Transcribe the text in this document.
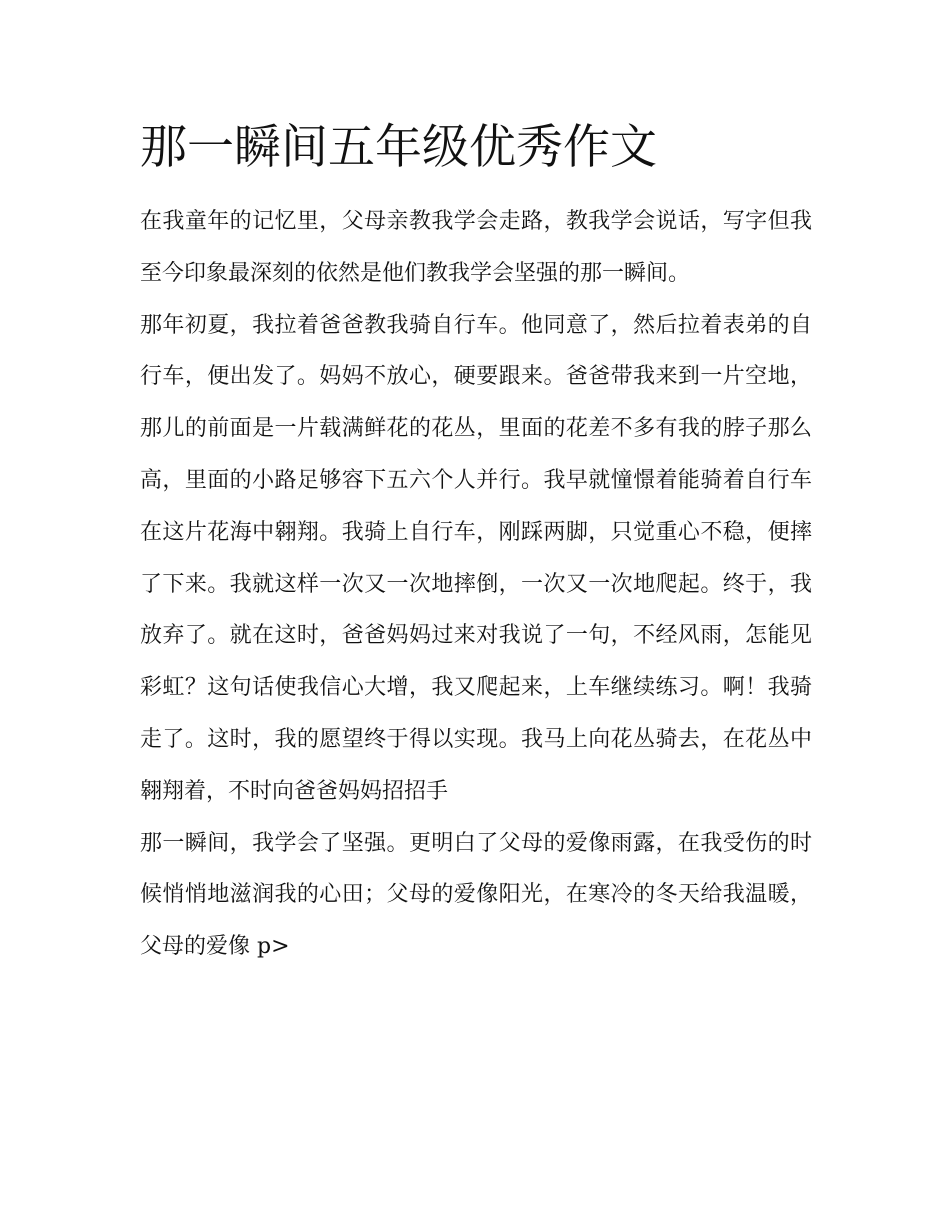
那一瞬间五年级优秀作文

在我童年的记忆里，父母亲教我学会走路，教我学会说话，写字但我至今印象最深刻的依然是他们教我学会坚强的那一瞬间。

那年初夏，我拉着爸爸教我骑自行车。他同意了，然后拉着表弟的自行车，便出发了。妈妈不放心，硬要跟来。爸爸带我来到一片空地，那儿的前面是一片载满鲜花的花丛，里面的花差不多有我的脖子那么高，里面的小路足够容下五六个人并行。我早就憧憬着能骑着自行车在这片花海中翱翔。我骑上自行车，刚踩两脚，只觉重心不稳，便摔了下来。我就这样一次又一次地摔倒，一次又一次地爬起。终于，我放弃了。就在这时，爸爸妈妈过来对我说了一句，不经风雨，怎能见彩虹？这句话使我信心大增，我又爬起来，上车继续练习。啊！我骑走了。这时，我的愿望终于得以实现。我马上向花丛骑去，在花丛中翱翔着，不时向爸爸妈妈招招手

那一瞬间，我学会了坚强。更明白了父母的爱像雨露，在我受伤的时候悄悄地滋润我的心田；父母的爱像阳光，在寒冷的冬天给我温暖，父母的爱像 p>
